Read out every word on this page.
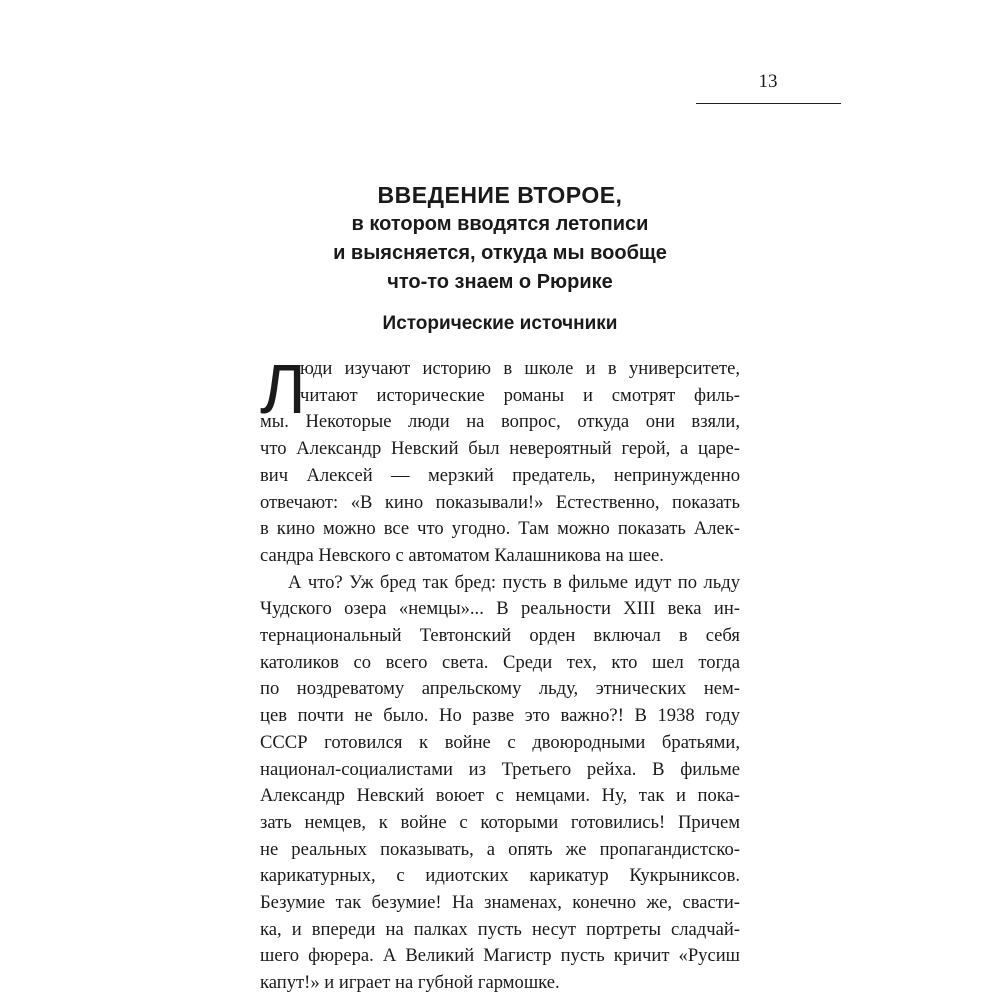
13
ВВЕДЕНИЕ ВТОРОЕ,
в котором вводятся летописи
и выясняется, откуда мы вообще
что-то знаем о Рюрике
Исторические источники
Л
юди изучают историю в школе и в университете,
читают исторические романы и смотрят филь-
мы. Некоторые люди на вопрос, откуда они взяли,
что Александр Невский был невероятный герой, а царе-
вич Алексей — мерзкий предатель, непринужденно
отвечают: «В кино показывали!» Естественно, показать
в кино можно все что угодно. Там можно показать Алек-
сандра Невского с автоматом Калашникова на шее.
А что? Уж бред так бред: пусть в фильме идут по льду
Чудского озера «немцы»... В реальности XIII века ин-
тернациональный Тевтонский орден включал в себя
католиков со всего света. Среди тех, кто шел тогда
по ноздреватому апрельскому льду, этнических нем-
цев почти не было. Но разве это важно?! В 1938 году
СССР готовился к войне с двоюродными братьями,
национал-социалистами из Третьего рейха. В фильме
Александр Невский воюет с немцами. Ну, так и пока-
зать немцев, к войне с которыми готовились! Причем
не реальных показывать, а опять же пропагандистско-
карикатурных, с идиотских карикатур Кукрыниксов.
Безумие так безумие! На знаменах, конечно же, свасти-
ка, и впереди на палках пусть несут портреты сладчай-
шего фюрера. А Великий Магистр пусть кричит «Русиш
капут!» и играет на губной гармошке.
